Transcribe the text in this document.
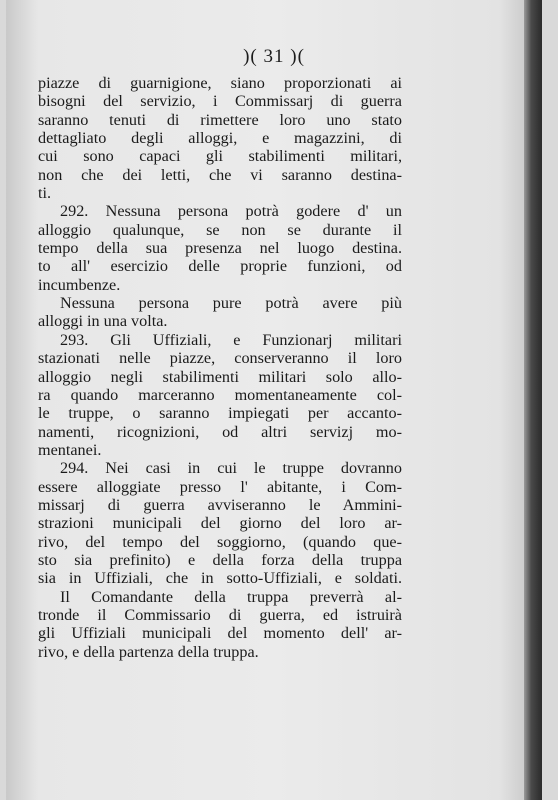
)( 31 )(
piazze di guarnigione, siano proporzionati ai
bisogni del servizio, i Commissarj di guerra
saranno tenuti di rimettere loro uno stato
dettagliato degli alloggi, e magazzini, di
cui sono capaci gli stabilimenti militari,
non che dei letti, che vi saranno destina-
ti.
292. Nessuna persona potrà godere d' un
alloggio qualunque, se non se durante il
tempo della sua presenza nel luogo destina.
to all' esercizio delle proprie funzioni, od
incumbenze.
Nessuna persona pure potrà avere più
alloggi in una volta.
293. Gli Uffiziali, e Funzionarj militari
stazionati nelle piazze, conserveranno il loro
alloggio negli stabilimenti militari solo allo-
ra quando marceranno momentaneamente col-
le truppe, o saranno impiegati per accanto-
namenti, ricognizioni, od altri servizj mo-
mentanei.
294. Nei casi in cui le truppe dovranno
essere alloggiate presso l' abitante, i Com-
missarj di guerra avviseranno le Ammini-
strazioni municipali del giorno del loro ar-
rivo, del tempo del soggiorno, (quando que-
sto sia prefinito) e della forza della truppa
sia in Uffiziali, che in sotto-Uffiziali, e soldati.
Il Comandante della truppa preverrà al-
tronde il Commissario di guerra, ed istruirà
gli Uffiziali municipali del momento dell' ar-
rivo, e della partenza della truppa.
